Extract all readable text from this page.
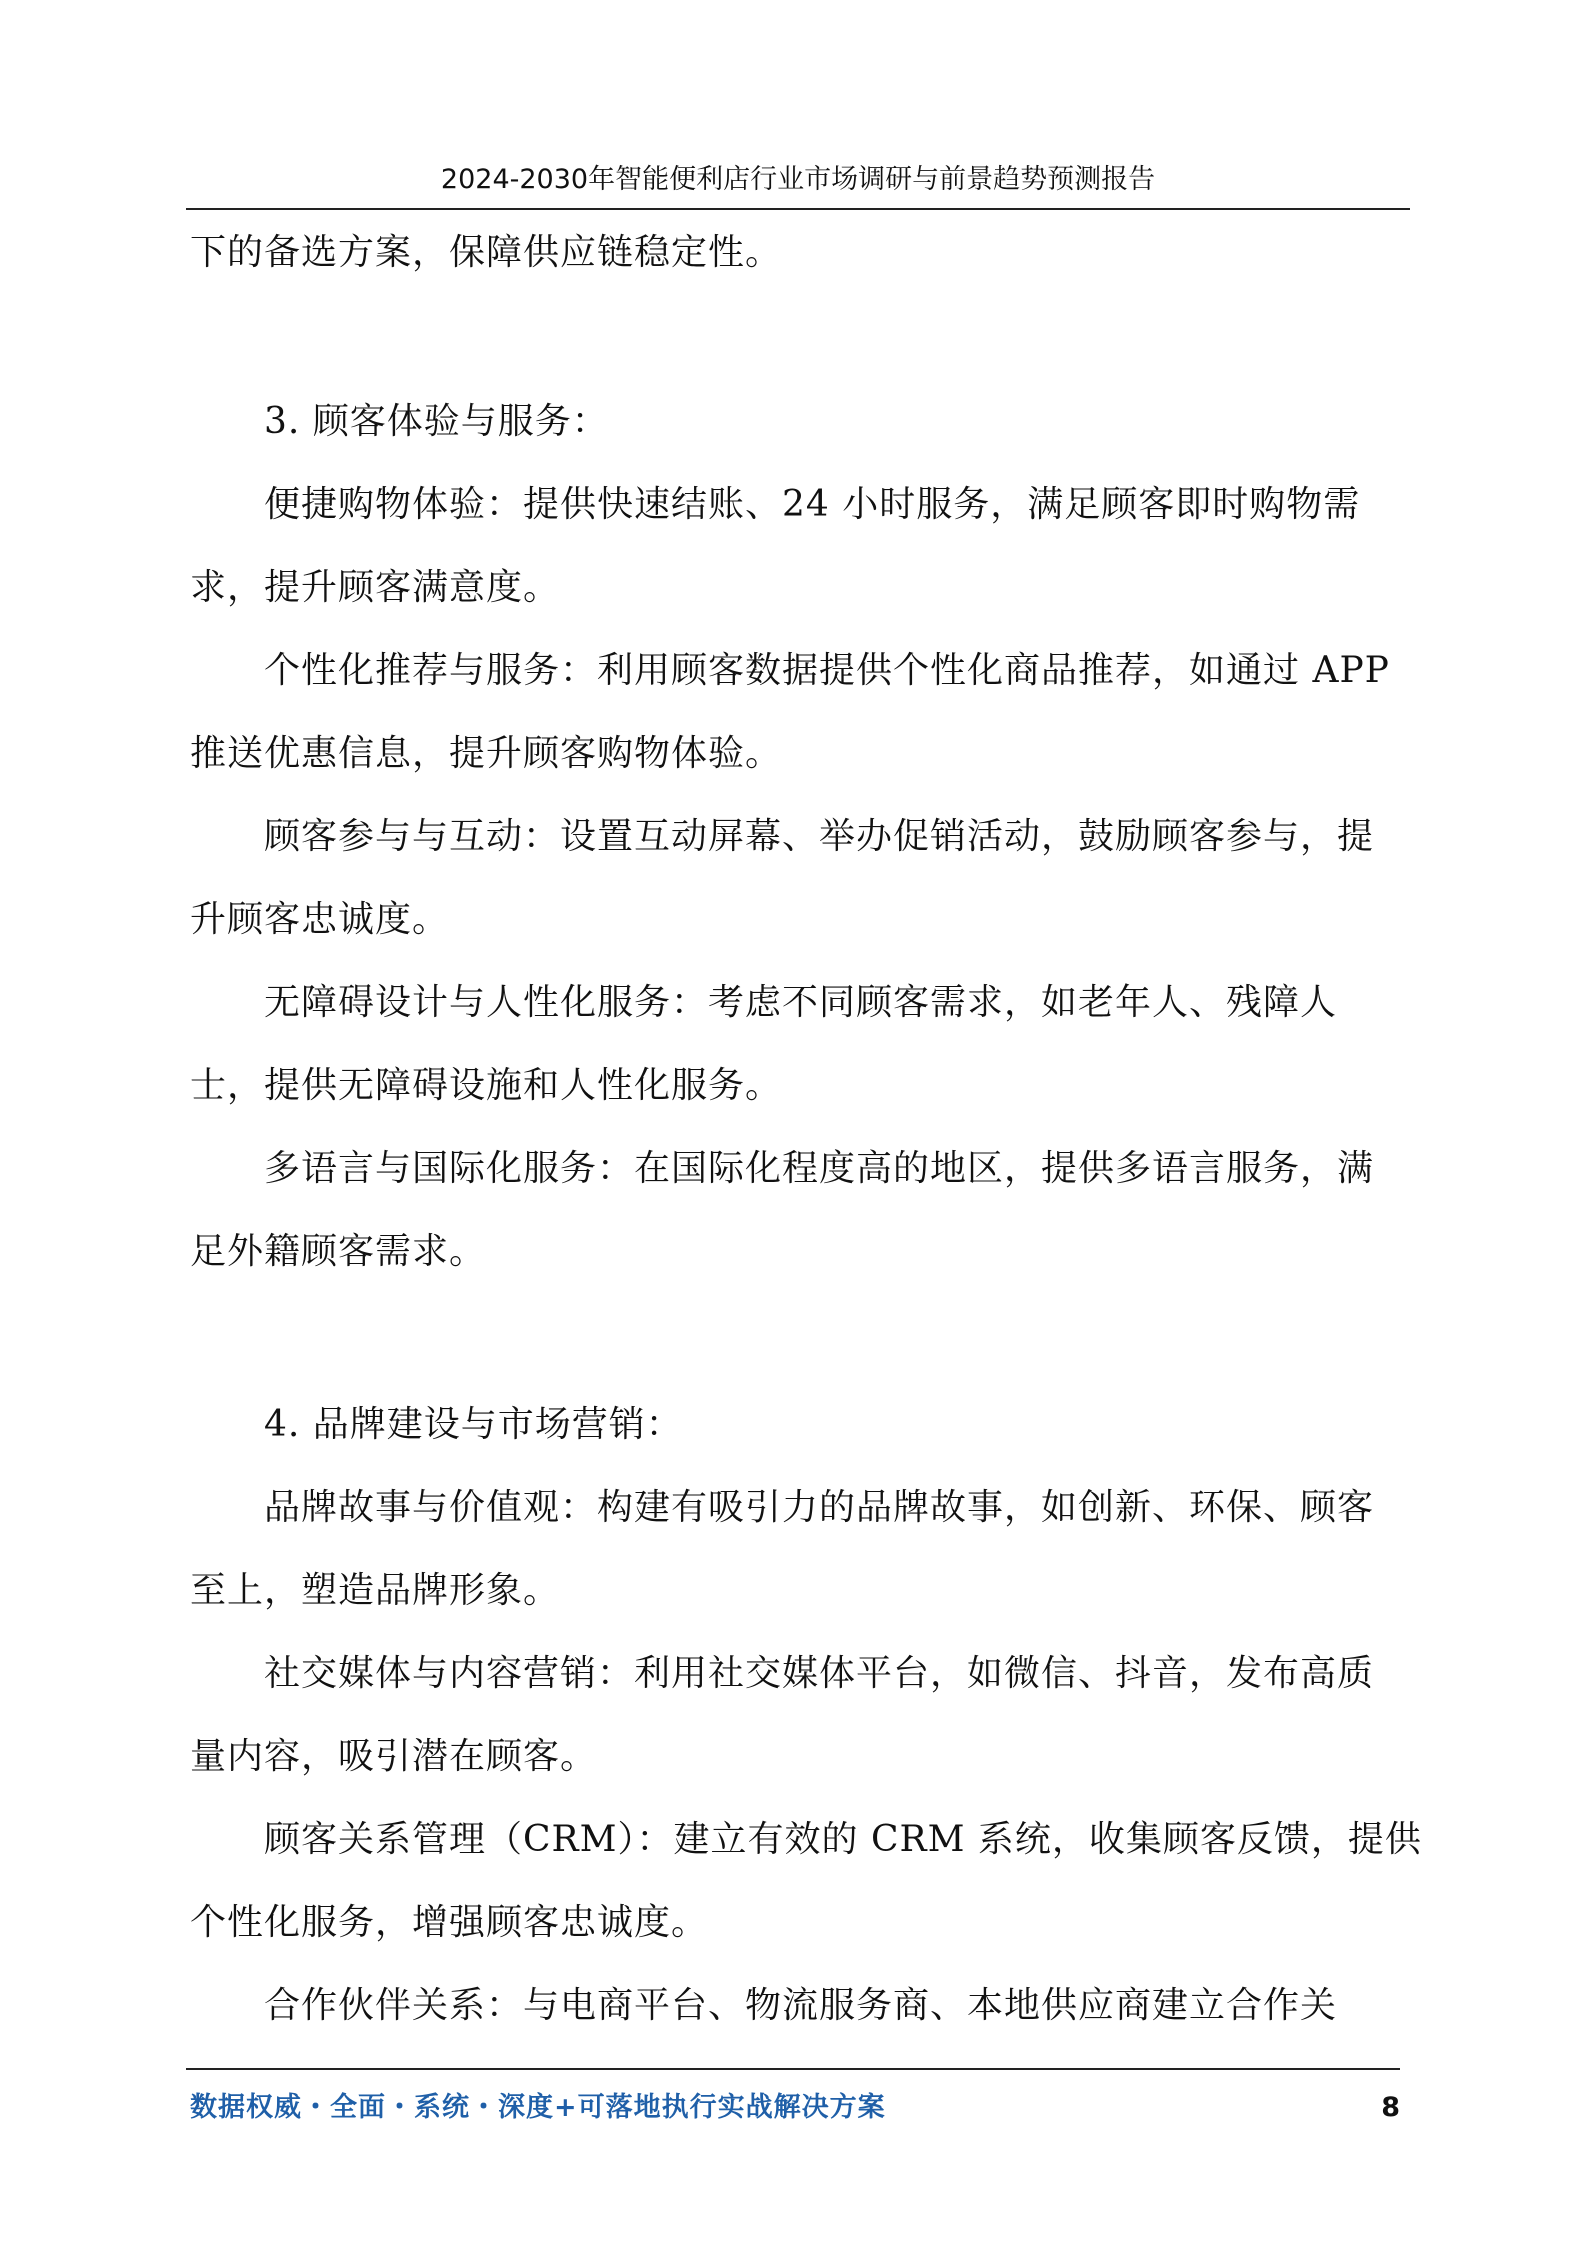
2024-2030年智能便利店行业市场调研与前景趋势预测报告
下的备选方案，保障供应链稳定性。
3. 顾客体验与服务：
便捷购物体验：提供快速结账、24 小时服务，满足顾客即时购物需
求，提升顾客满意度。
个性化推荐与服务：利用顾客数据提供个性化商品推荐，如通过 APP
推送优惠信息，提升顾客购物体验。
顾客参与与互动：设置互动屏幕、举办促销活动，鼓励顾客参与，提
升顾客忠诚度。
无障碍设计与人性化服务：考虑不同顾客需求，如老年人、残障人
士，提供无障碍设施和人性化服务。
多语言与国际化服务：在国际化程度高的地区，提供多语言服务，满
足外籍顾客需求。
4. 品牌建设与市场营销：
品牌故事与价值观：构建有吸引力的品牌故事，如创新、环保、顾客
至上，塑造品牌形象。
社交媒体与内容营销：利用社交媒体平台，如微信、抖音，发布高质
量内容，吸引潜在顾客。
顾客关系管理（CRM）：建立有效的 CRM 系统，收集顾客反馈，提供
个性化服务，增强顾客忠诚度。
合作伙伴关系：与电商平台、物流服务商、本地供应商建立合作关
数据权威・全面・系统・深度+可落地执行实战解决方案	8
